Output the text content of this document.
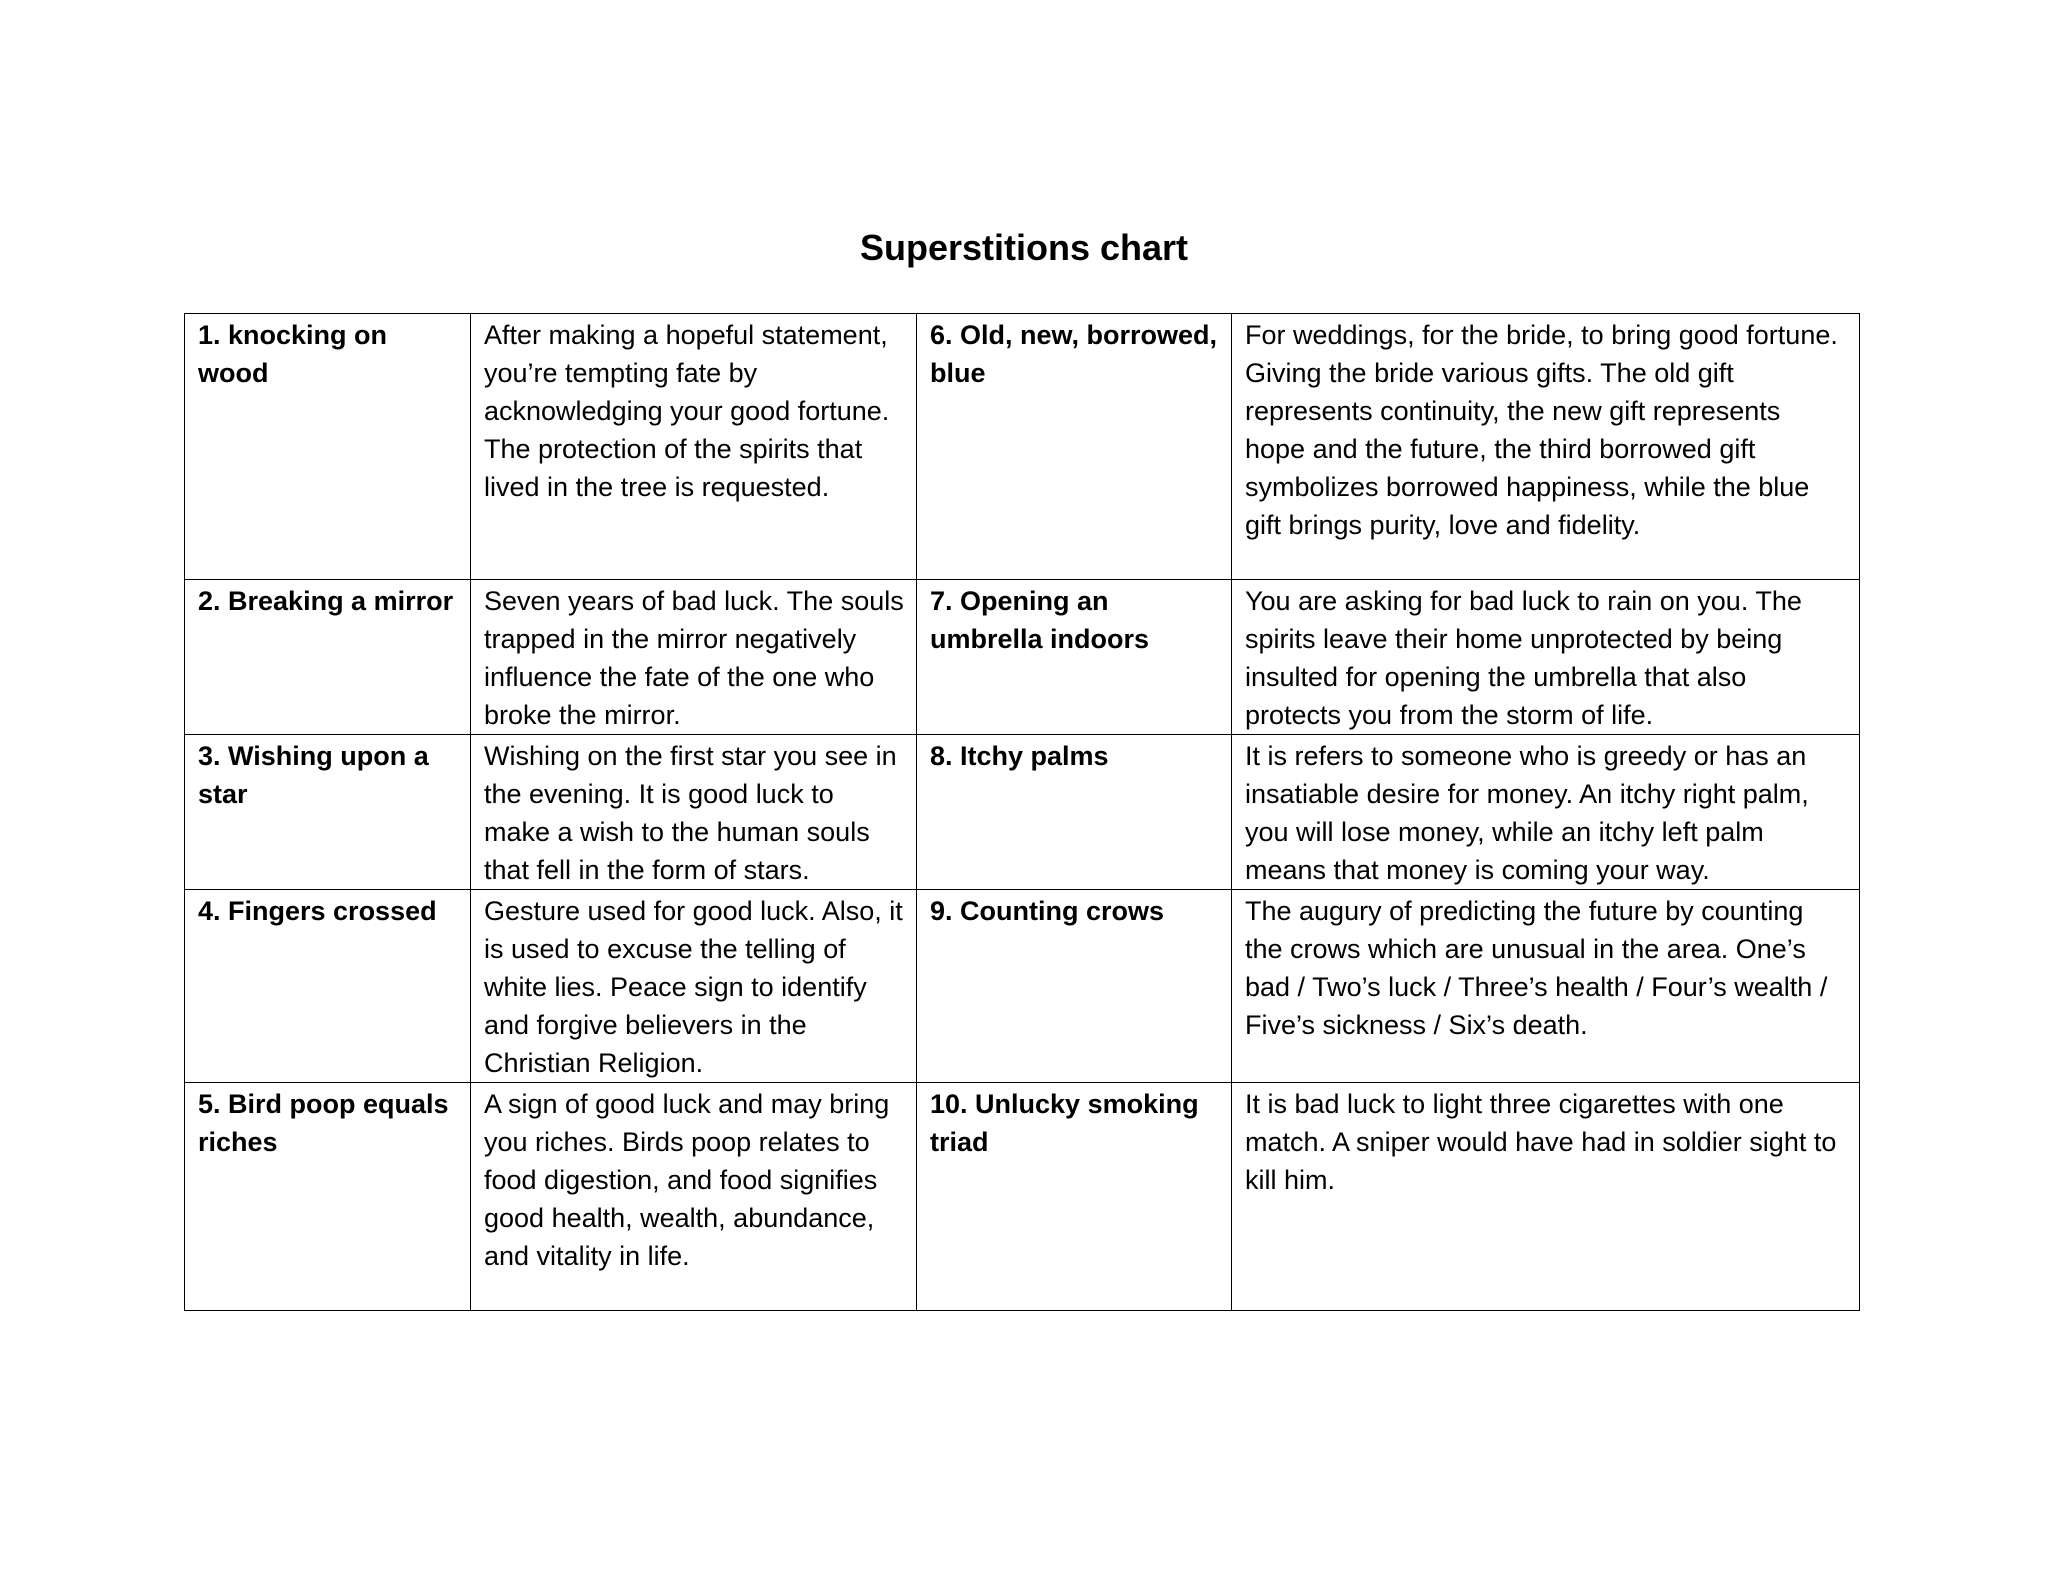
Superstitions chart
1. knocking on wood	After making a hopeful statement, you’re tempting fate by acknowledging your good fortune. The protection of the spirits that lived in the tree is requested.	6. Old, new, borrowed, blue	For weddings, for the bride, to bring good fortune. Giving the bride various gifts. The old gift represents continuity, the new gift represents hope and the future, the third borrowed gift symbolizes borrowed happiness, while the blue gift brings purity, love and fidelity.
2. Breaking a mirror	Seven years of bad luck. The souls trapped in the mirror negatively influence the fate of the one who broke the mirror.	7. Opening an umbrella indoors	You are asking for bad luck to rain on you. The spirits leave their home unprotected by being insulted for opening the umbrella that also protects you from the storm of life.
3. Wishing upon a star	Wishing on the first star you see in the evening. It is good luck to make a wish to the human souls that fell in the form of stars.	8. Itchy palms	It is refers to someone who is greedy or has an insatiable desire for money. An itchy right palm, you will lose money, while an itchy left palm means that money is coming your way.
4. Fingers crossed	Gesture used for good luck. Also, it is used to excuse the telling of white lies. Peace sign to identify and forgive believers in the Christian Religion.	9. Counting crows	The augury of predicting the future by counting the crows which are unusual in the area. One’s bad / Two’s luck / Three’s health / Four’s wealth / Five’s sickness / Six’s death.
5. Bird poop equals riches	A sign of good luck and may bring you riches. Birds poop relates to food digestion, and food signifies good health, wealth, abundance, and vitality in life.	10. Unlucky smoking triad	It is bad luck to light three cigarettes with one match. A sniper would have had in soldier sight to kill him.
